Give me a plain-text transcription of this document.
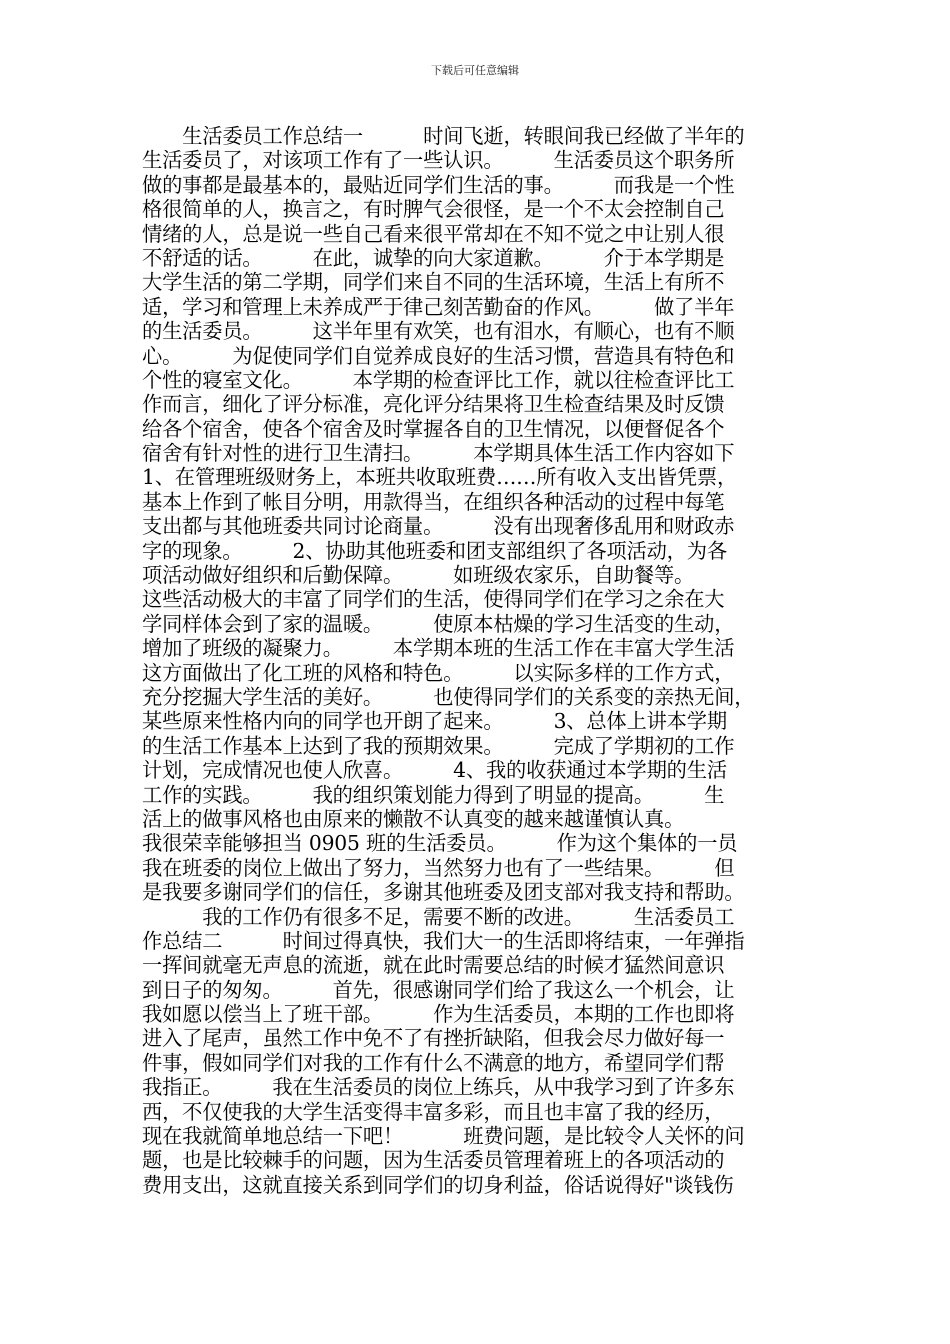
下载后可任意编辑
　　生活委员工作总结一　　　时间飞逝，转眼间我已经做了半年的
生活委员了，对该项工作有了一些认识。　　　生活委员这个职务所
做的事都是最基本的，最贴近同学们生活的事。　　　而我是一个性
格很简单的人，换言之，有时脾气会很怪，是一个不太会控制自己
情绪的人，总是说一些自己看来很平常却在不知不觉之中让别人很
不舒适的话。　　　在此，诚挚的向大家道歉。　　　介于本学期是
大学生活的第二学期，同学们来自不同的生活环境，生活上有所不
适，学习和管理上未养成严于律己刻苦勤奋的作风。　　　做了半年
的生活委员。　　　这半年里有欢笑，也有泪水，有顺心，也有不顺
心。　　　为促使同学们自觉养成良好的生活习惯，营造具有特色和
个性的寝室文化。　　　本学期的检查评比工作，就以往检查评比工
作而言，细化了评分标准，亮化评分结果将卫生检查结果及时反馈
给各个宿舍，使各个宿舍及时掌握各自的卫生情况，以便督促各个
宿舍有针对性的进行卫生清扫。　　　本学期具体生活工作内容如下
1、在管理班级财务上，本班共收取班费……所有收入支出皆凭票，
基本上作到了帐目分明，用款得当，在组织各种活动的过程中每笔
支出都与其他班委共同讨论商量。　　　没有出现奢侈乱用和财政赤
字的现象。　　　2、协助其他班委和团支部组织了各项活动，为各
项活动做好组织和后勤保障。　　　如班级农家乐，自助餐等。
这些活动极大的丰富了同学们的生活，使得同学们在学习之余在大
学同样体会到了家的温暖。　　　使原本枯燥的学习生活变的生动，
增加了班级的凝聚力。　　　本学期本班的生活工作在丰富大学生活
这方面做出了化工班的风格和特色。　　　以实际多样的工作方式，
充分挖掘大学生活的美好。　　　也使得同学们的关系变的亲热无间，
某些原来性格内向的同学也开朗了起来。　　　3、总体上讲本学期
的生活工作基本上达到了我的预期效果。　　　完成了学期初的工作
计划，完成情况也使人欣喜。　　　4、我的收获通过本学期的生活
工作的实践。　　　我的组织策划能力得到了明显的提高。　　　生
活上的做事风格也由原来的懒散不认真变的越来越谨慎认真。
我很荣幸能够担当 0905 班的生活委员。　　　作为这个集体的一员
我在班委的岗位上做出了努力，当然努力也有了一些结果。　　　但
是我要多谢同学们的信任，多谢其他班委及团支部对我支持和帮助。
　　　我的工作仍有很多不足，需要不断的改进。　　　生活委员工
作总结二　　　时间过得真快，我们大一的生活即将结束，一年弹指
一挥间就毫无声息的流逝，就在此时需要总结的时候才猛然间意识
到日子的匆匆。　　　首先，很感谢同学们给了我这么一个机会，让
我如愿以偿当上了班干部。　　　作为生活委员，本期的工作也即将
进入了尾声，虽然工作中免不了有挫折缺陷，但我会尽力做好每一
件事，假如同学们对我的工作有什么不满意的地方，希望同学们帮
我指正。　　　我在生活委员的岗位上练兵，从中我学习到了许多东
西，不仅使我的大学生活变得丰富多彩，而且也丰富了我的经历，
现在我就简单地总结一下吧！　　　班费问题，是比较令人关怀的问
题，也是比较棘手的问题，因为生活委员管理着班上的各项活动的
费用支出，这就直接关系到同学们的切身利益，俗话说得好"谈钱伤
